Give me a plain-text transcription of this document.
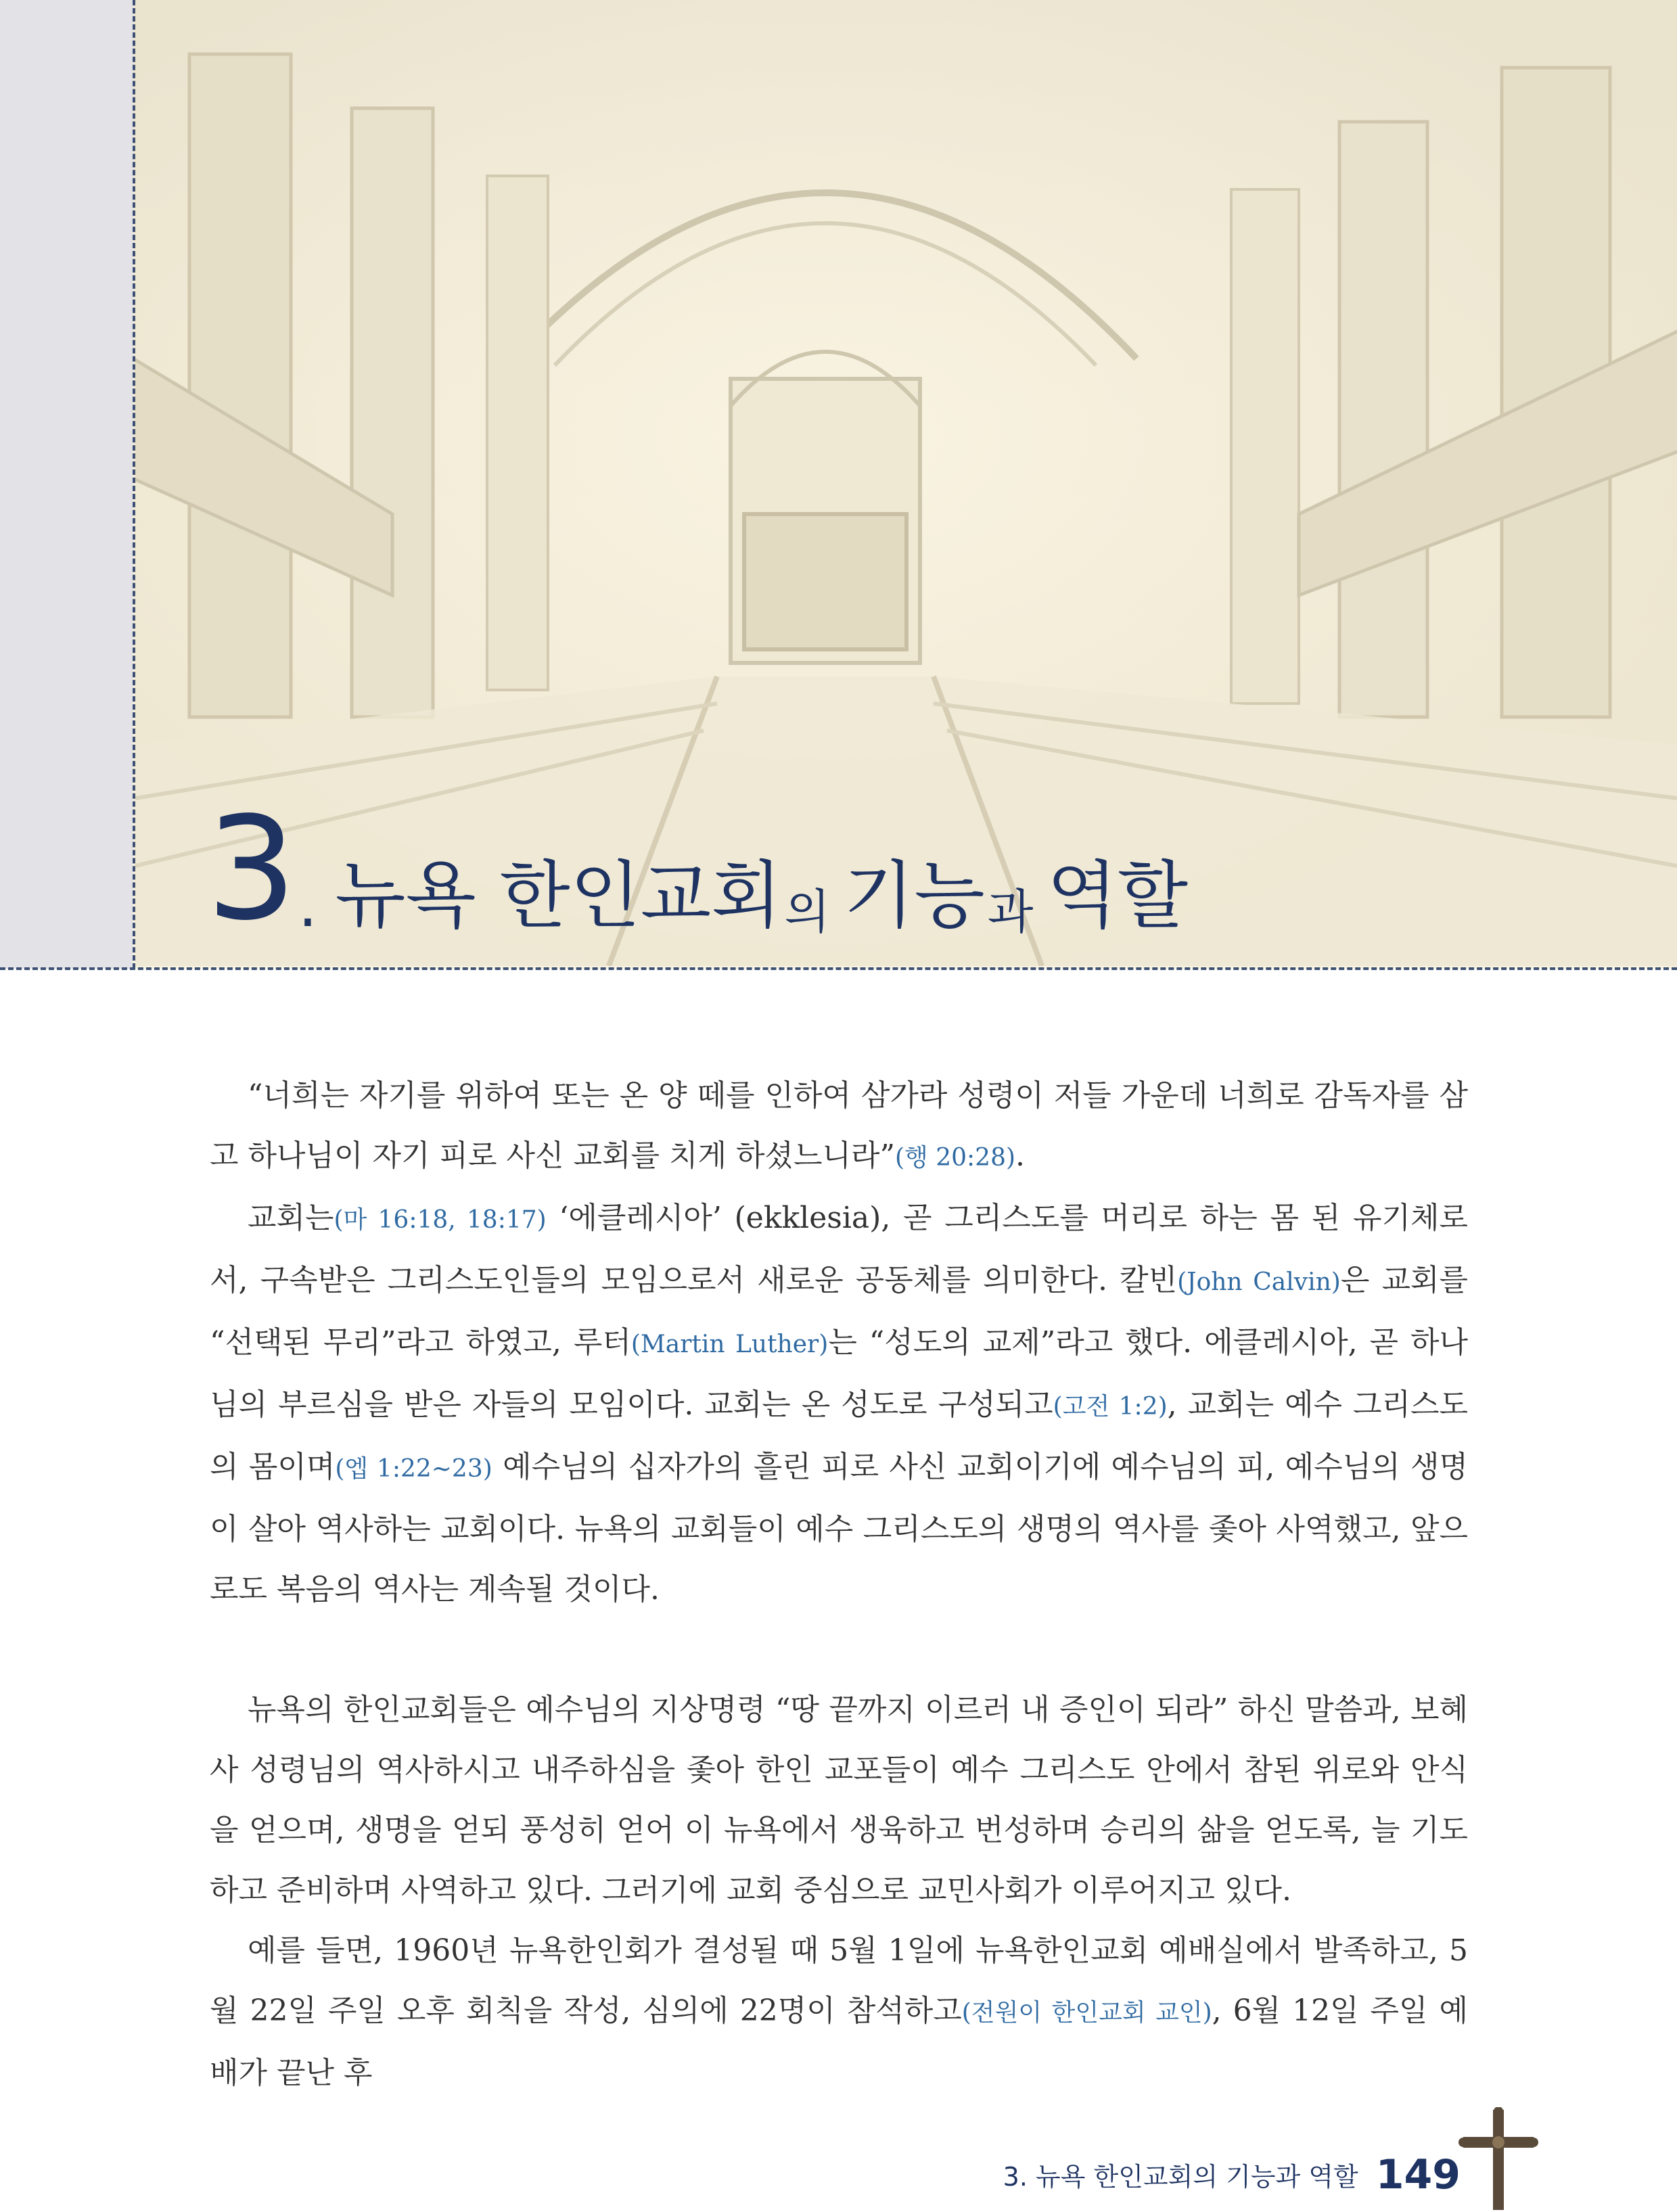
3 . 뉴욕 한인교회 의 기능 과 역할

“너희는 자기를 위하여 또는 온 양 떼를 인하여 삼가라 성령이 저들 가운데 너희로 감독자를 삼고 하나님이 자기 피로 사신 교회를 치게 하셨느니라”(행 20:28).

교회는(마 16:18, 18:17) ‘에클레시아’ (ekklesia), 곧 그리스도를 머리로 하는 몸 된 유기체로서, 구속받은 그리스도인들의 모임으로서 새로운 공동체를 의미한다. 칼빈(John Calvin)은 교회를 “선택된 무리”라고 하였고, 루터(Martin Luther)는 “성도의 교제”라고 했다. 에클레시아, 곧 하나님의 부르심을 받은 자들의 모임이다. 교회는 온 성도로 구성되고(고전 1:2), 교회는 예수 그리스도의 몸이며(엡 1:22~23) 예수님의 십자가의 흘린 피로 사신 교회이기에 예수님의 피, 예수님의 생명이 살아 역사하는 교회이다. 뉴욕의 교회들이 예수 그리스도의 생명의 역사를 좇아 사역했고, 앞으로도 복음의 역사는 계속될 것이다.

뉴욕의 한인교회들은 예수님의 지상명령 “땅 끝까지 이르러 내 증인이 되라” 하신 말씀과, 보혜사 성령님의 역사하시고 내주하심을 좇아 한인 교포들이 예수 그리스도 안에서 참된 위로와 안식을 얻으며, 생명을 얻되 풍성히 얻어 이 뉴욕에서 생육하고 번성하며 승리의 삶을 얻도록, 늘 기도하고 준비하며 사역하고 있다. 그러기에 교회 중심으로 교민사회가 이루어지고 있다.

예를 들면, 1960년 뉴욕한인회가 결성될 때 5월 1일에 뉴욕한인교회 예배실에서 발족하고, 5월 22일 주일 오후 회칙을 작성, 심의에 22명이 참석하고(전원이 한인교회 교인), 6월 12일 주일 예배가 끝난 후

3. 뉴욕 한인교회의 기능과 역할 149
